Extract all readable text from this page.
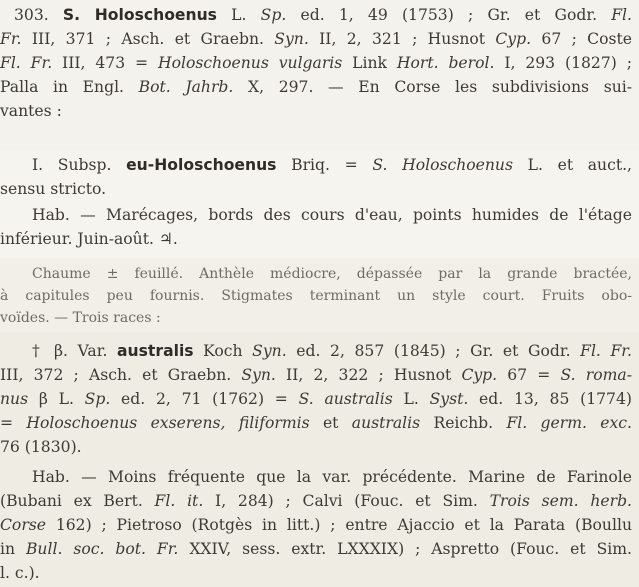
303. S. Holoschoenus L. Sp. ed. 1, 49 (1753) ; Gr. et Godr. Fl.
Fr. III, 371 ; Asch. et Graebn. Syn. II, 2, 321 ; Husnot Cyp. 67 ; Coste
Fl. Fr. III, 473 = Holoschoenus vulgaris Link Hort. berol. I, 293 (1827) ;
Palla in Engl. Bot. Jahrb. X, 297. — En Corse les subdivisions sui-
vantes :
I. Subsp. eu-Holoschoenus Briq. = S. Holoschoenus L. et auct.,
sensu stricto.
Hab. — Marécages, bords des cours d'eau, points humides de l'étage
inférieur. Juin-août. ♃.
Chaume ± feuillé. Anthèle médiocre, dépassée par la grande bractée,
à capitules peu fournis. Stigmates terminant un style court. Fruits obo-
voïdes. — Trois races :
† β. Var. australis Koch Syn. ed. 2, 857 (1845) ; Gr. et Godr. Fl. Fr.
III, 372 ; Asch. et Graebn. Syn. II, 2, 322 ; Husnot Cyp. 67 = S. roma-
nus β L. Sp. ed. 2, 71 (1762) = S. australis L. Syst. ed. 13, 85 (1774)
= Holoschoenus exserens, filiformis et australis Reichb. Fl. germ. exc.
76 (1830).
Hab. — Moins fréquente que la var. précédente. Marine de Farinole
(Bubani ex Bert. Fl. it. I, 284) ; Calvi (Fouc. et Sim. Trois sem. herb.
Corse 162) ; Pietroso (Rotgès in litt.) ; entre Ajaccio et la Parata (Boullu
in Bull. soc. bot. Fr. XXIV, sess. extr. LXXXIX) ; Aspretto (Fouc. et Sim.
l. c.).
